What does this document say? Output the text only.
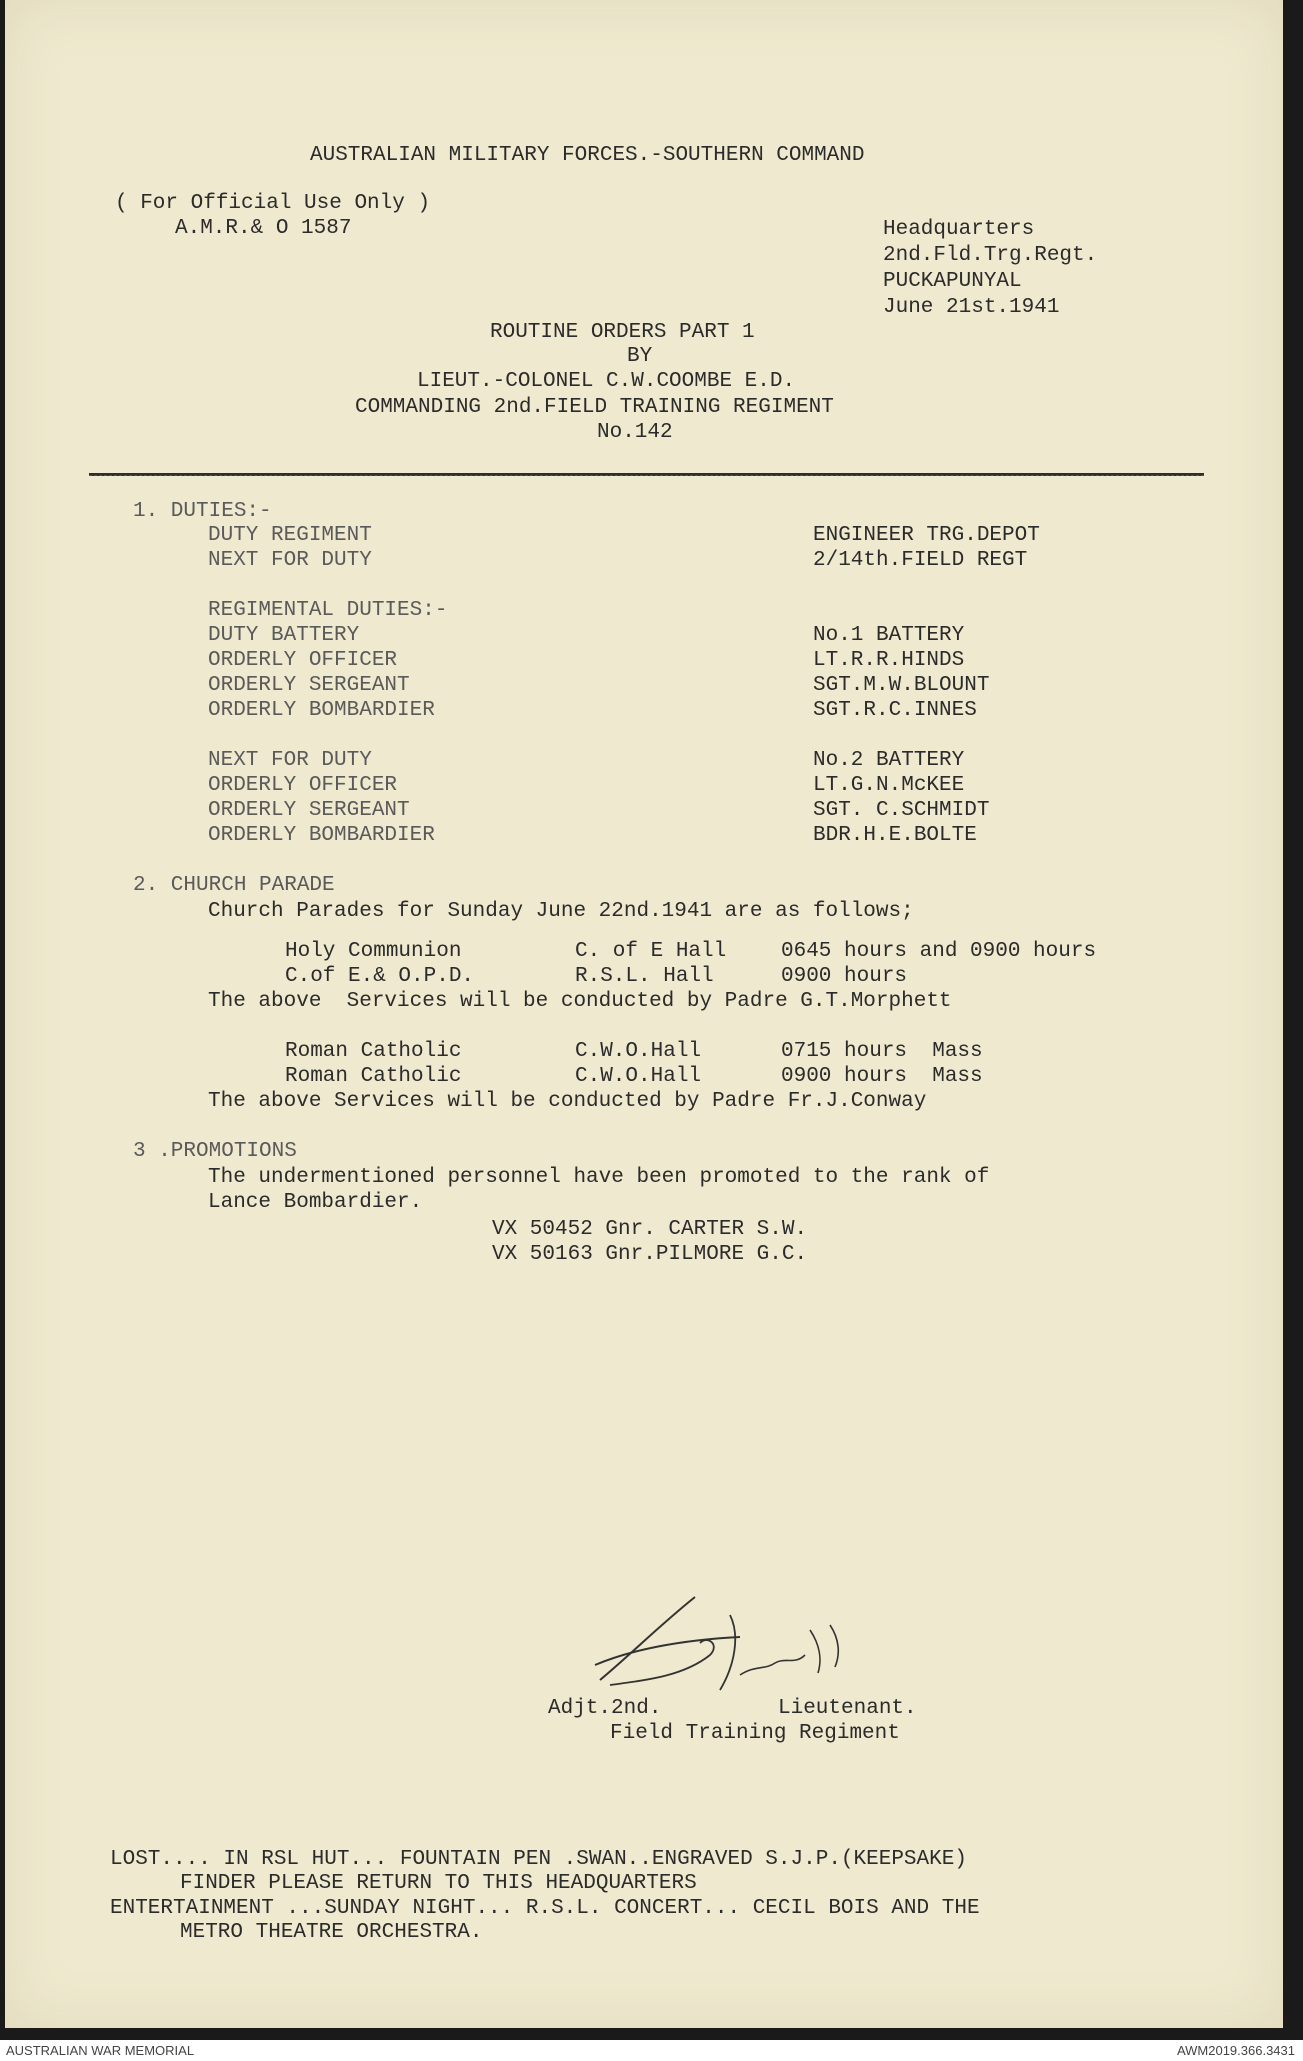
AUSTRALIAN MILITARY FORCES.-SOUTHERN COMMAND
( For Official Use Only )
A.M.R.& O 1587	Headquarters
2nd.Fld.Trg.Regt.
PUCKAPUNYAL
June 21st.1941
ROUTINE ORDERS PART 1
BY
LIEUT.-COLONEL C.W.COOMBE E.D.
COMMANDING 2nd.FIELD TRAINING REGIMENT
No.142
1. DUTIES:-
DUTY REGIMENT	ENGINEER TRG.DEPOT
NEXT FOR DUTY	2/14th.FIELD REGT
REGIMENTAL DUTIES:-
DUTY BATTERY	No.1 BATTERY
ORDERLY OFFICER	LT.R.R.HINDS
ORDERLY SERGEANT	SGT.M.W.BLOUNT
ORDERLY BOMBARDIER	SGT.R.C.INNES
NEXT FOR DUTY	No.2 BATTERY
ORDERLY OFFICER	LT.G.N.McKEE
ORDERLY SERGEANT	SGT. C.SCHMIDT
ORDERLY BOMBARDIER	BDR.H.E.BOLTE
2. CHURCH PARADE
Church Parades for Sunday June 22nd.1941 are as follows;
Holy Communion	C. of E Hall	0645 hours and 0900 hours
C.of E.& O.P.D.	R.S.L. Hall	0900 hours
The above  Services will be conducted by Padre G.T.Morphett
Roman Catholic	C.W.O.Hall	0715 hours  Mass
Roman Catholic	C.W.O.Hall	0900 hours  Mass
The above Services will be conducted by Padre Fr.J.Conway
3 .PROMOTIONS
The undermentioned personnel have been promoted to the rank of
Lance Bombardier.
VX 50452 Gnr. CARTER S.W.
VX 50163 Gnr.PILMORE G.C.
Adjt.2nd.	Lieutenant.
Field Training Regiment
LOST.... IN RSL HUT... FOUNTAIN PEN .SWAN..ENGRAVED S.J.P.(KEEPSAKE)
FINDER PLEASE RETURN TO THIS HEADQUARTERS
ENTERTAINMENT ...SUNDAY NIGHT... R.S.L. CONCERT... CECIL BOIS AND THE
METRO THEATRE ORCHESTRA.
AUSTRALIAN WAR MEMORIAL	AWM2019.366.3431
